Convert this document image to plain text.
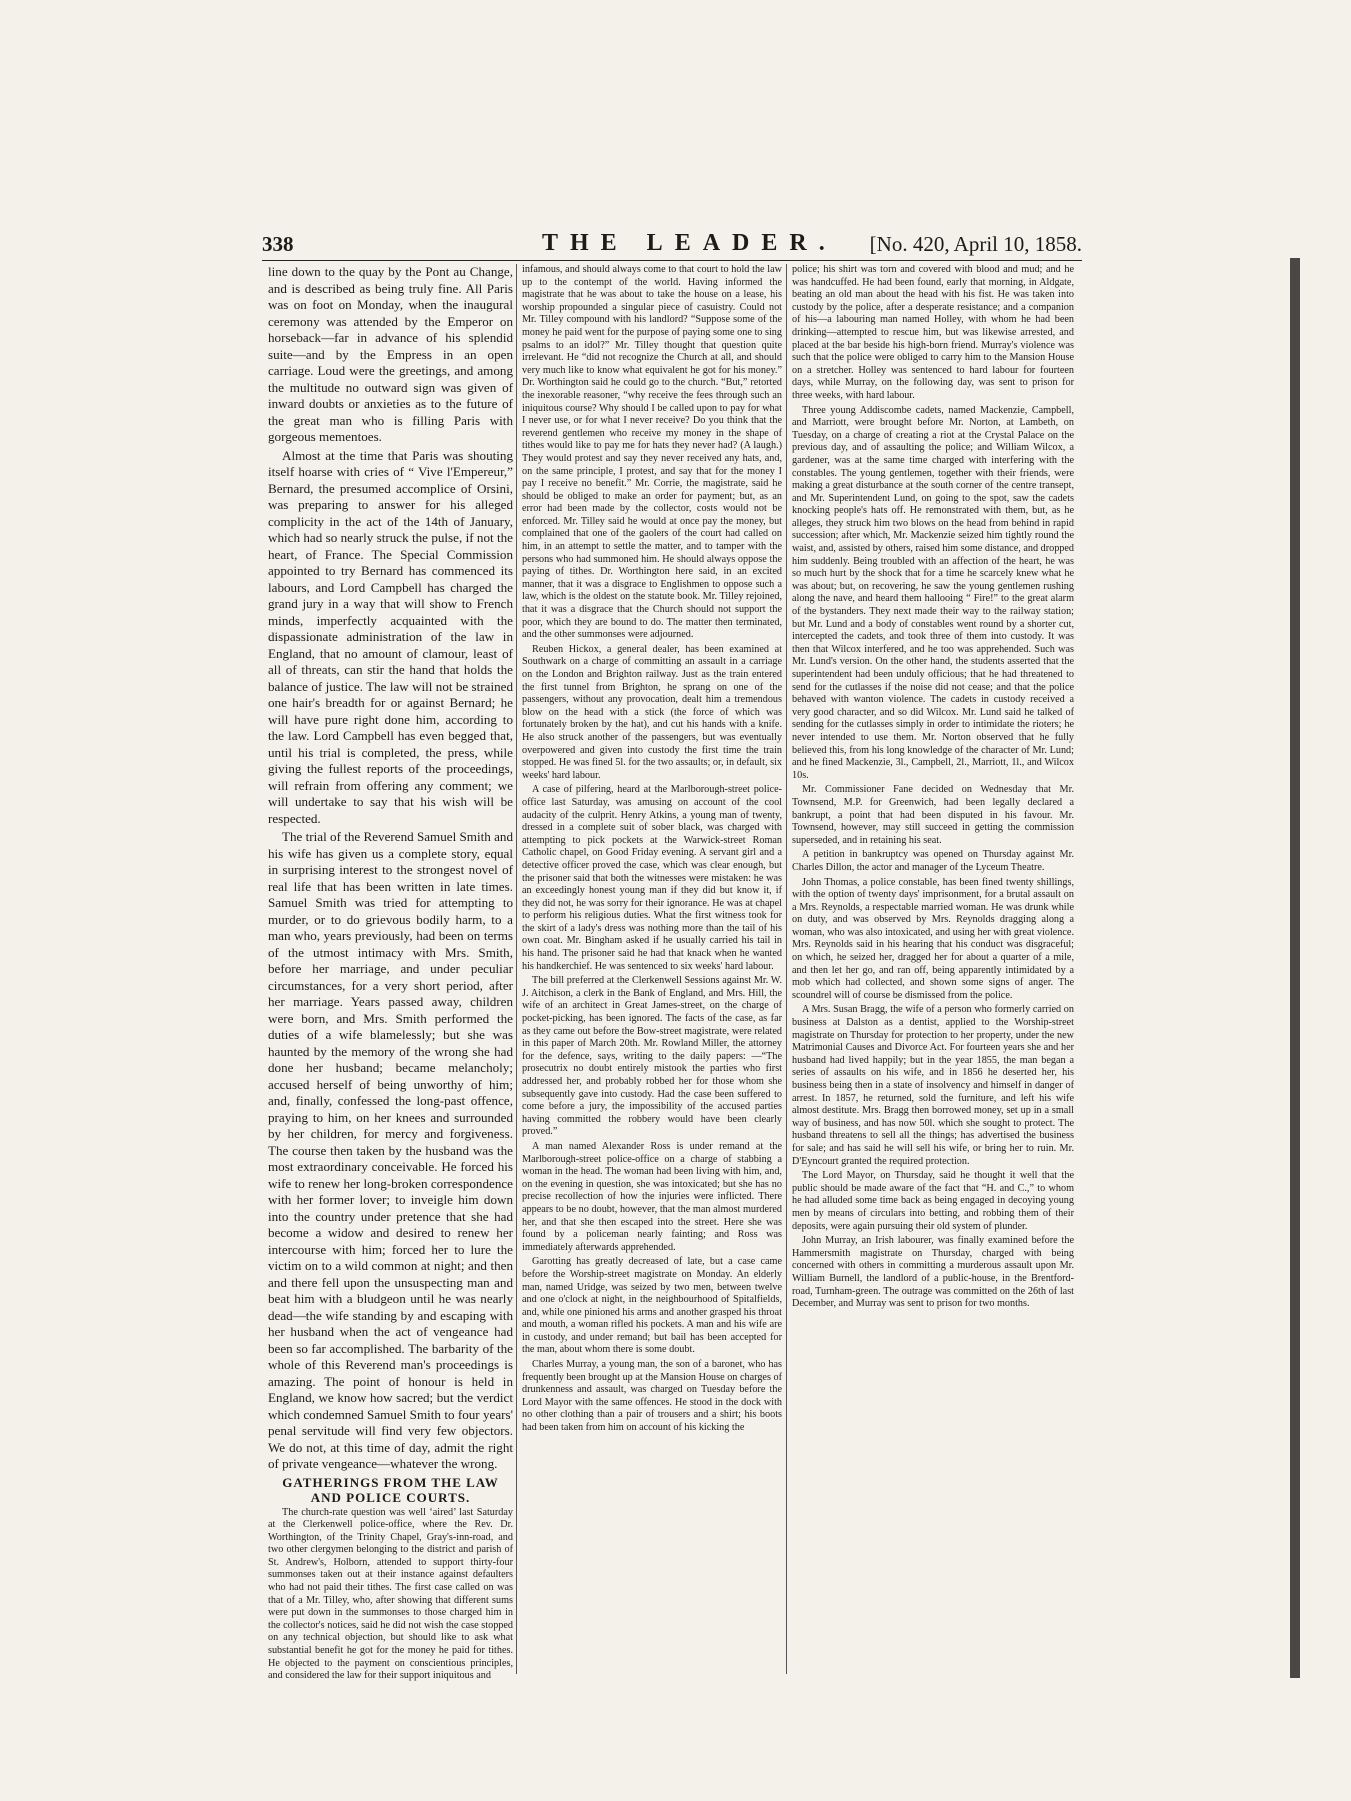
338	THE LEADER. [No. 420, April 10, 1858.

line down to the quay by the Pont au Change, and is described as being truly fine. All Paris was on foot on Monday, when the inaugural ceremony was attended by the Emperor on horseback—far in advance of his splendid suite—and by the Empress in an open carriage. Loud were the greetings, and among the multitude no outward sign was given of inward doubts or anxieties as to the future of the great man who is filling Paris with gorgeous mementoes.

Almost at the time that Paris was shouting itself hoarse with cries of “ Vive l'Empereur,” Bernard, the presumed accomplice of Orsini, was preparing to answer for his alleged complicity in the act of the 14th of January, which had so nearly struck the pulse, if not the heart, of France. The Special Commission appointed to try Bernard has commenced its labours, and Lord Campbell has charged the grand jury in a way that will show to French minds, imperfectly acquainted with the dispassionate administration of the law in England, that no amount of clamour, least of all of threats, can stir the hand that holds the balance of justice. The law will not be strained one hair's breadth for or against Bernard; he will have pure right done him, according to the law. Lord Campbell has even begged that, until his trial is completed, the press, while giving the fullest reports of the proceedings, will refrain from offering any comment; we will undertake to say that his wish will be respected.

The trial of the Reverend Samuel Smith and his wife has given us a complete story, equal in surprising interest to the strongest novel of real life that has been written in late times. Samuel Smith was tried for attempting to murder, or to do grievous bodily harm, to a man who, years previously, had been on terms of the utmost intimacy with Mrs. Smith, before her marriage, and under peculiar circumstances, for a very short period, after her marriage. Years passed away, children were born, and Mrs. Smith performed the duties of a wife blamelessly; but she was haunted by the memory of the wrong she had done her husband; became melancholy; accused herself of being unworthy of him; and, finally, confessed the long-past offence, praying to him, on her knees and surrounded by her children, for mercy and forgiveness. The course then taken by the husband was the most extraordinary conceivable. He forced his wife to renew her long-broken correspondence with her former lover; to inveigle him down into the country under pretence that she had become a widow and desired to renew her intercourse with him; forced her to lure the victim on to a wild common at night; and then and there fell upon the unsuspecting man and beat him with a bludgeon until he was nearly dead—the wife standing by and escaping with her husband when the act of vengeance had been so far accomplished. The barbarity of the whole of this Reverend man's proceedings is amazing. The point of honour is held in England, we know how sacred; but the verdict which condemned Samuel Smith to four years' penal servitude will find very few objectors. We do not, at this time of day, admit the right of private vengeance—whatever the wrong.

GATHERINGS FROM THE LAW AND POLICE COURTS.

The church-rate question was well ‘aired’ last Saturday at the Clerkenwell police-office, where the Rev. Dr. Worthington, of the Trinity Chapel, Gray's-inn-road, and two other clergymen belonging to the district and parish of St. Andrew's, Holborn, attended to support thirty-four summonses taken out at their instance against defaulters who had not paid their tithes. The first case called on was that of a Mr. Tilley, who, after showing that different sums were put down in the summonses to those charged him in the collector's notices, said he did not wish the case stopped on any technical objection, but should like to ask what substantial benefit he got for the money he paid for tithes. He objected to the payment on conscientious principles, and considered the law for their support iniquitous and

infamous, and should always come to that court to hold the law up to the contempt of the world. Having informed the magistrate that he was about to take the house on a lease, his worship propounded a singular piece of casuistry. Could not Mr. Tilley compound with his landlord? “Suppose some of the money he paid went for the purpose of paying some one to sing psalms to an idol?” Mr. Tilley thought that question quite irrelevant. He “did not recognize the Church at all, and should very much like to know what equivalent he got for his money.” Dr. Worthington said he could go to the church. “But,” retorted the inexorable reasoner, “why receive the fees through such an iniquitous course? Why should I be called upon to pay for what I never use, or for what I never receive? Do you think that the reverend gentlemen who receive my money in the shape of tithes would like to pay me for hats they never had? (A laugh.) They would protest and say they never received any hats, and, on the same principle, I protest, and say that for the money I pay I receive no benefit.” Mr. Corrie, the magistrate, said he should be obliged to make an order for payment; but, as an error had been made by the collector, costs would not be enforced. Mr. Tilley said he would at once pay the money, but complained that one of the gaolers of the court had called on him, in an attempt to settle the matter, and to tamper with the persons who had summoned him. He should always oppose the paying of tithes. Dr. Worthington here said, in an excited manner, that it was a disgrace to Englishmen to oppose such a law, which is the oldest on the statute book. Mr. Tilley rejoined, that it was a disgrace that the Church should not support the poor, which they are bound to do. The matter then terminated, and the other summonses were adjourned.

Reuben Hickox, a general dealer, has been examined at Southwark on a charge of committing an assault in a carriage on the London and Brighton railway. Just as the train entered the first tunnel from Brighton, he sprang on one of the passengers, without any provocation, dealt him a tremendous blow on the head with a stick (the force of which was fortunately broken by the hat), and cut his hands with a knife. He also struck another of the passengers, but was eventually overpowered and given into custody the first time the train stopped. He was fined 5l. for the two assaults; or, in default, six weeks' hard labour.

A case of pilfering, heard at the Marlborough-street police-office last Saturday, was amusing on account of the cool audacity of the culprit. Henry Atkins, a young man of twenty, dressed in a complete suit of sober black, was charged with attempting to pick pockets at the Warwick-street Roman Catholic chapel, on Good Friday evening. A servant girl and a detective officer proved the case, which was clear enough, but the prisoner said that both the witnesses were mistaken: he was an exceedingly honest young man if they did but know it, if they did not, he was sorry for their ignorance. He was at chapel to perform his religious duties. What the first witness took for the skirt of a lady's dress was nothing more than the tail of his own coat. Mr. Bingham asked if he usually carried his tail in his hand. The prisoner said he had that knack when he wanted his handkerchief. He was sentenced to six weeks' hard labour.

The bill preferred at the Clerkenwell Sessions against Mr. W. J. Aitchison, a clerk in the Bank of England, and Mrs. Hill, the wife of an architect in Great James-street, on the charge of pocket-picking, has been ignored. The facts of the case, as far as they came out before the Bow-street magistrate, were related in this paper of March 20th. Mr. Rowland Miller, the attorney for the defence, says, writing to the daily papers: —“The prosecutrix no doubt entirely mistook the parties who first addressed her, and probably robbed her for those whom she subsequently gave into custody. Had the case been suffered to come before a jury, the impossibility of the accused parties having committed the robbery would have been clearly proved.”

A man named Alexander Ross is under remand at the Marlborough-street police-office on a charge of stabbing a woman in the head. The woman had been living with him, and, on the evening in question, she was intoxicated; but she has no precise recollection of how the injuries were inflicted. There appears to be no doubt, however, that the man almost murdered her, and that she then escaped into the street. Here she was found by a policeman nearly fainting; and Ross was immediately afterwards apprehended.

Garotting has greatly decreased of late, but a case came before the Worship-street magistrate on Monday. An elderly man, named Uridge, was seized by two men, between twelve and one o'clock at night, in the neighbourhood of Spitalfields, and, while one pinioned his arms and another grasped his throat and mouth, a woman rifled his pockets. A man and his wife are in custody, and under remand; but bail has been accepted for the man, about whom there is some doubt.

Charles Murray, a young man, the son of a baronet, who has frequently been brought up at the Mansion House on charges of drunkenness and assault, was charged on Tuesday before the Lord Mayor with the same offences. He stood in the dock with no other clothing than a pair of trousers and a shirt; his boots had been taken from him on account of his kicking the

police; his shirt was torn and covered with blood and mud; and he was handcuffed. He had been found, early that morning, in Aldgate, beating an old man about the head with his fist. He was taken into custody by the police, after a desperate resistance; and a companion of his—a labouring man named Holley, with whom he had been drinking—attempted to rescue him, but was likewise arrested, and placed at the bar beside his high-born friend. Murray's violence was such that the police were obliged to carry him to the Mansion House on a stretcher. Holley was sentenced to hard labour for fourteen days, while Murray, on the following day, was sent to prison for three weeks, with hard labour.

Three young Addiscombe cadets, named Mackenzie, Campbell, and Marriott, were brought before Mr. Norton, at Lambeth, on Tuesday, on a charge of creating a riot at the Crystal Palace on the previous day, and of assaulting the police; and William Wilcox, a gardener, was at the same time charged with interfering with the constables. The young gentlemen, together with their friends, were making a great disturbance at the south corner of the centre transept, and Mr. Superintendent Lund, on going to the spot, saw the cadets knocking people's hats off. He remonstrated with them, but, as he alleges, they struck him two blows on the head from behind in rapid succession; after which, Mr. Mackenzie seized him tightly round the waist, and, assisted by others, raised him some distance, and dropped him suddenly. Being troubled with an affection of the heart, he was so much hurt by the shock that for a time he scarcely knew what he was about; but, on recovering, he saw the young gentlemen rushing along the nave, and heard them hallooing “ Fire!” to the great alarm of the bystanders. They next made their way to the railway station; but Mr. Lund and a body of constables went round by a shorter cut, intercepted the cadets, and took three of them into custody. It was then that Wilcox interfered, and he too was apprehended. Such was Mr. Lund's version. On the other hand, the students asserted that the superintendent had been unduly officious; that he had threatened to send for the cutlasses if the noise did not cease; and that the police behaved with wanton violence. The cadets in custody received a very good character, and so did Wilcox. Mr. Lund said he talked of sending for the cutlasses simply in order to intimidate the rioters; he never intended to use them. Mr. Norton observed that he fully believed this, from his long knowledge of the character of Mr. Lund; and he fined Mackenzie, 3l., Campbell, 2l., Marriott, 1l., and Wilcox 10s.

Mr. Commissioner Fane decided on Wednesday that Mr. Townsend, M.P. for Greenwich, had been legally declared a bankrupt, a point that had been disputed in his favour. Mr. Townsend, however, may still succeed in getting the commission superseded, and in retaining his seat.

A petition in bankruptcy was opened on Thursday against Mr. Charles Dillon, the actor and manager of the Lyceum Theatre.

John Thomas, a police constable, has been fined twenty shillings, with the option of twenty days' imprisonment, for a brutal assault on a Mrs. Reynolds, a respectable married woman. He was drunk while on duty, and was observed by Mrs. Reynolds dragging along a woman, who was also intoxicated, and using her with great violence. Mrs. Reynolds said in his hearing that his conduct was disgraceful; on which, he seized her, dragged her for about a quarter of a mile, and then let her go, and ran off, being apparently intimidated by a mob which had collected, and shown some signs of anger. The scoundrel will of course be dismissed from the police.

A Mrs. Susan Bragg, the wife of a person who formerly carried on business at Dalston as a dentist, applied to the Worship-street magistrate on Thursday for protection to her property, under the new Matrimonial Causes and Divorce Act. For fourteen years she and her husband had lived happily; but in the year 1855, the man began a series of assaults on his wife, and in 1856 he deserted her, his business being then in a state of insolvency and himself in danger of arrest. In 1857, he returned, sold the furniture, and left his wife almost destitute. Mrs. Bragg then borrowed money, set up in a small way of business, and has now 50l. which she sought to protect. The husband threatens to sell all the things; has advertised the business for sale; and has said he will sell his wife, or bring her to ruin. Mr. D'Eyncourt granted the required protection.

The Lord Mayor, on Thursday, said he thought it well that the public should be made aware of the fact that “H. and C.,” to whom he had alluded some time back as being engaged in decoying young men by means of circulars into betting, and robbing them of their deposits, were again pursuing their old system of plunder.

John Murray, an Irish labourer, was finally examined before the Hammersmith magistrate on Thursday, charged with being concerned with others in committing a murderous assault upon Mr. William Burnell, the landlord of a public-house, in the Brentford-road, Turnham-green. The outrage was committed on the 26th of last December, and Murray was sent to prison for two months.
